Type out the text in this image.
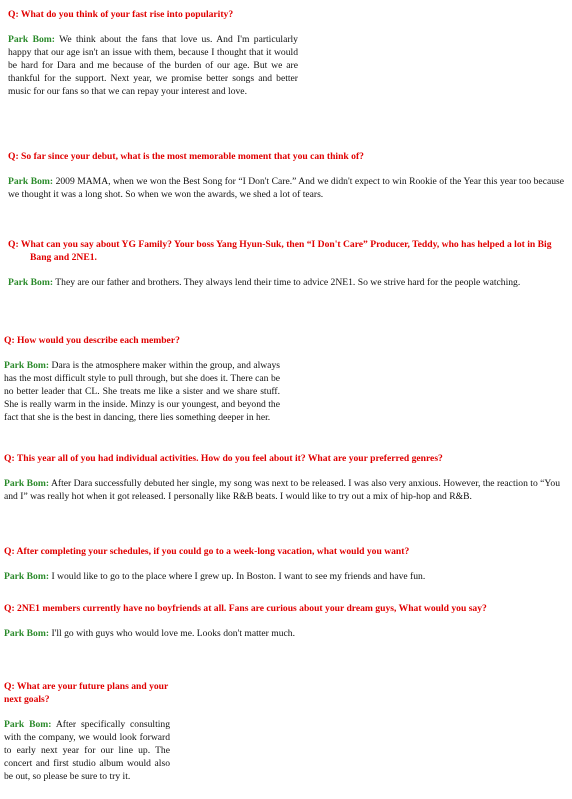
Q: What do you think of your fast rise into popularity?

Park Bom: We think about the fans that love us. And I'm particularly happy that our age isn't an issue with them, because I thought that it would be hard for Dara and me because of the burden of our age. But we are thankful for the support. Next year, we promise better songs and better music for our fans so that we can repay your interest and love.

Q: So far since your debut, what is the most memorable moment that you can think of?

Park Bom: 2009 MAMA, when we won the Best Song for “I Don't Care.” And we didn't expect to win Rookie of the Year this year too because we thought it was a long shot. So when we won the awards, we shed a lot of tears.

Q: What can you say about YG Family? Your boss Yang Hyun-Suk, then “I Don't Care” Producer, Teddy, who has helped a lot in Big Bang and 2NE1.

Park Bom: They are our father and brothers. They always lend their time to advice 2NE1. So we strive hard for the people watching.

Q: How would you describe each member?

Park Bom: Dara is the atmosphere maker within the group, and always has the most difficult style to pull through, but she does it. There can be no better leader that CL. She treats me like a sister and we share stuff. She is really warm in the inside. Minzy is our youngest, and beyond the fact that she is the best in dancing, there lies something deeper in her.

Q: This year all of you had individual activities. How do you feel about it? What are your preferred genres?

Park Bom: After Dara successfully debuted her single, my song was next to be released. I was also very anxious. However, the reaction to “You and I” was really hot when it got released. I personally like R&B beats. I would like to try out a mix of hip-hop and R&B.

Q: After completing your schedules, if you could go to a week-long vacation, what would you want?

Park Bom: I would like to go to the place where I grew up. In Boston. I want to see my friends and have fun.

Q: 2NE1 members currently have no boyfriends at all. Fans are curious about your dream guys, What would you say?

Park Bom: I'll go with guys who would love me. Looks don't matter much.

Q: What are your future plans and your next goals?

Park Bom: After specifically consulting with the company, we would look forward to early next year for our line up. The concert and first studio album would also be out, so please be sure to try it.
